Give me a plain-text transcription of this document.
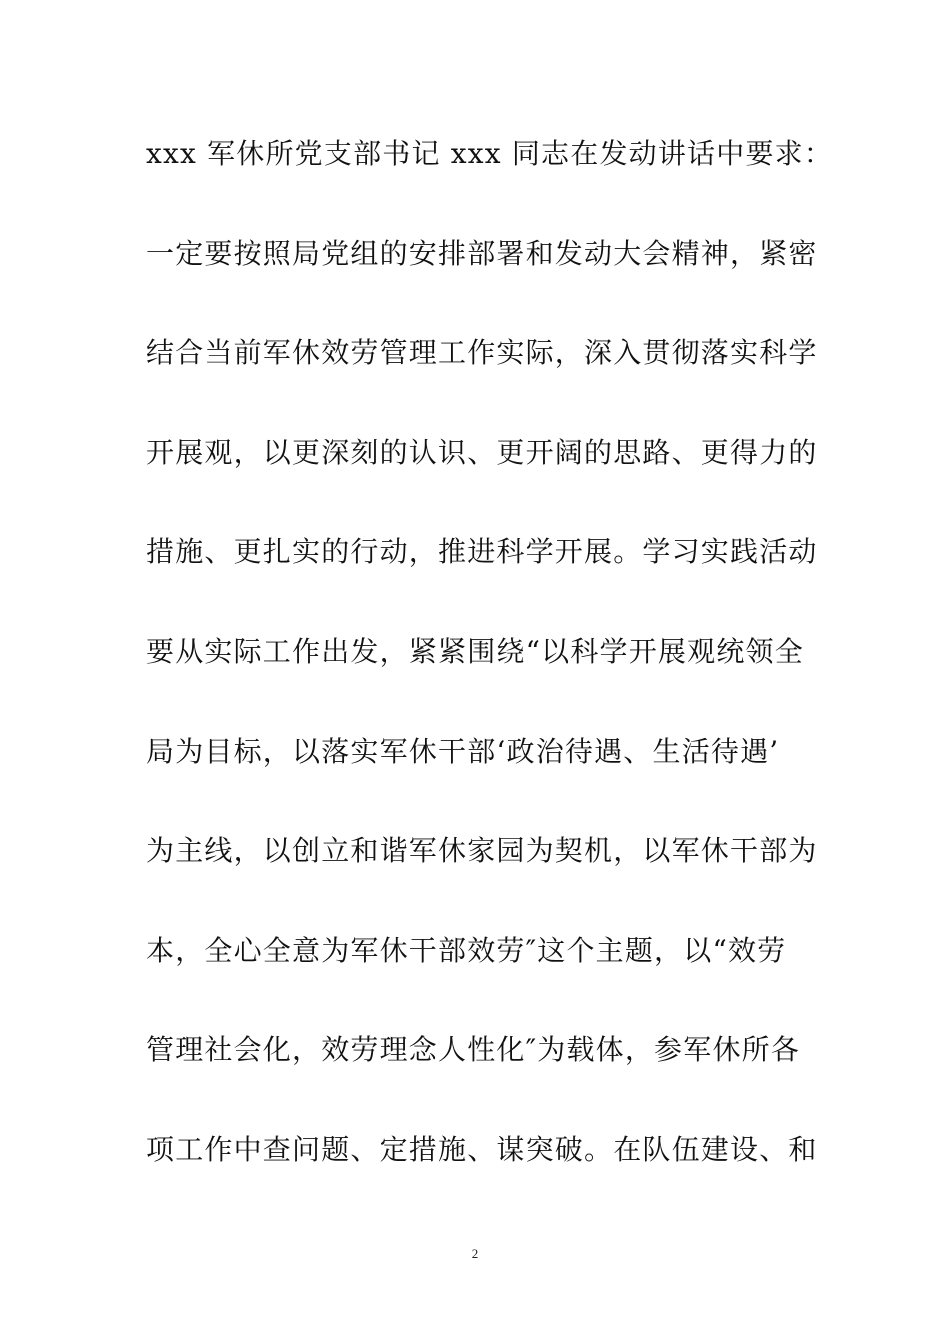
xxx 军休所党支部书记 xxx 同志在发动讲话中要求：
一定要按照局党组的安排部署和发动大会精神，紧密
结合当前军休效劳管理工作实际，深入贯彻落实科学
开展观，以更深刻的认识、更开阔的思路、更得力的
措施、更扎实的行动，推进科学开展。学习实践活动
要从实际工作出发，紧紧围绕“以科学开展观统领全
局为目标，以落实军休干部‘政治待遇、生活待遇’
为主线，以创立和谐军休家园为契机，以军休干部为
本，全心全意为军休干部效劳″这个主题，以“效劳
管理社会化，效劳理念人性化″为载体，参军休所各
项工作中查问题、定措施、谋突破。在队伍建设、和
2
